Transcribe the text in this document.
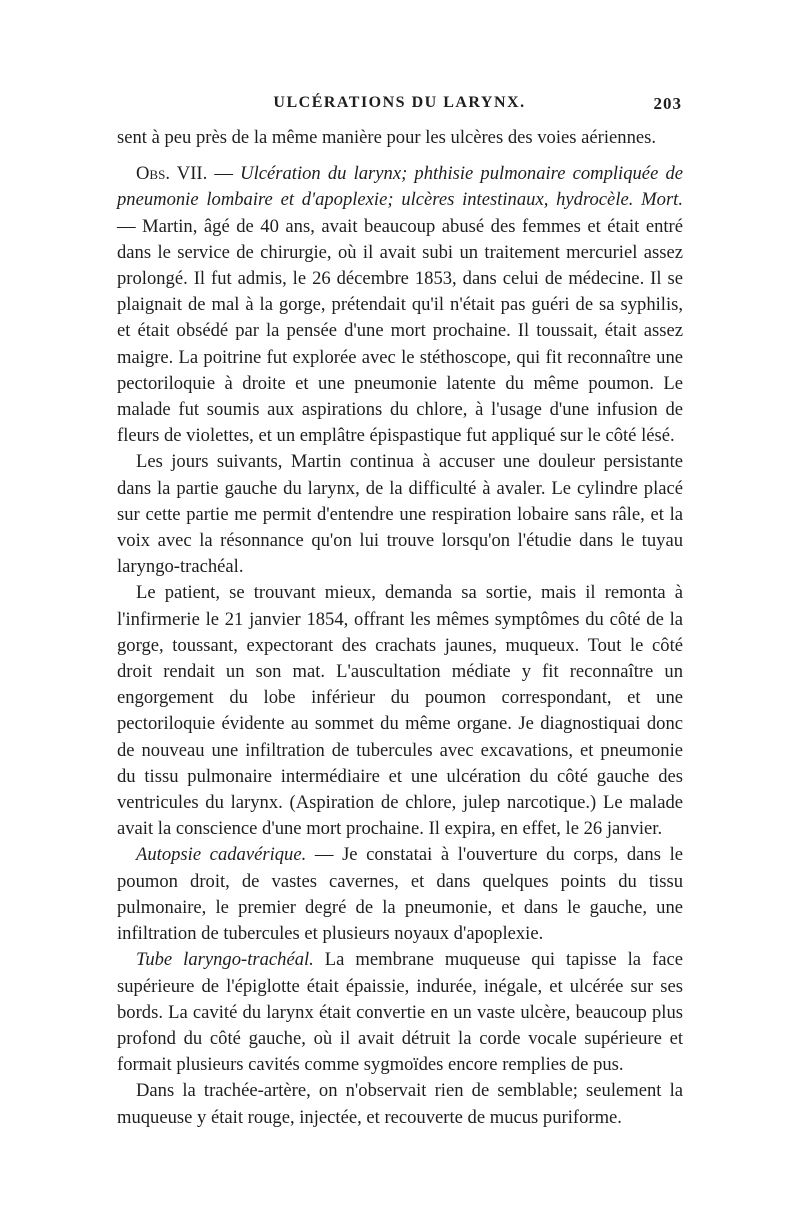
ULCÉRATIONS DU LARYNX.	203

sent à peu près de la même manière pour les ulcères des voies aériennes.

Obs. VII. — Ulcération du larynx; phthisie pulmonaire compliquée de pneumonie lombaire et d'apoplexie; ulcères intestinaux, hydrocèle. Mort. — Martin, âgé de 40 ans, avait beaucoup abusé des femmes et était entré dans le service de chirurgie, où il avait subi un traitement mercuriel assez prolongé. Il fut admis, le 26 décembre 1853, dans celui de médecine. Il se plaignait de mal à la gorge, prétendait qu'il n'était pas guéri de sa syphilis, et était obsédé par la pensée d'une mort prochaine. Il toussait, était assez maigre. La poitrine fut explorée avec le stéthoscope, qui fit reconnaître une pectoriloquie à droite et une pneumonie latente du même poumon. Le malade fut soumis aux aspirations du chlore, à l'usage d'une infusion de fleurs de violettes, et un emplâtre épispastique fut appliqué sur le côté lésé.

Les jours suivants, Martin continua à accuser une douleur persistante dans la partie gauche du larynx, de la difficulté à avaler. Le cylindre placé sur cette partie me permit d'entendre une respiration lobaire sans râle, et la voix avec la résonnance qu'on lui trouve lorsqu'on l'étudie dans le tuyau laryngo-trachéal.

Le patient, se trouvant mieux, demanda sa sortie, mais il remonta à l'infirmerie le 21 janvier 1854, offrant les mêmes symptômes du côté de la gorge, toussant, expectorant des crachats jaunes, muqueux. Tout le côté droit rendait un son mat. L'auscultation médiate y fit reconnaître un engorgement du lobe inférieur du poumon correspondant, et une pectoriloquie évidente au sommet du même organe. Je diagnostiquai donc de nouveau une infiltration de tubercules avec excavations, et pneumonie du tissu pulmonaire intermédiaire et une ulcération du côté gauche des ventricules du larynx. (Aspiration de chlore, julep narcotique.) Le malade avait la conscience d'une mort prochaine. Il expira, en effet, le 26 janvier.

Autopsie cadavérique. — Je constatai à l'ouverture du corps, dans le poumon droit, de vastes cavernes, et dans quelques points du tissu pulmonaire, le premier degré de la pneumonie, et dans le gauche, une infiltration de tubercules et plusieurs noyaux d'apoplexie.

Tube laryngo-trachéal. La membrane muqueuse qui tapisse la face supérieure de l'épiglotte était épaissie, indurée, inégale, et ulcérée sur ses bords. La cavité du larynx était convertie en un vaste ulcère, beaucoup plus profond du côté gauche, où il avait détruit la corde vocale supérieure et formait plusieurs cavités comme sygmoïdes encore remplies de pus.

Dans la trachée-artère, on n'observait rien de semblable; seulement la muqueuse y était rouge, injectée, et recouverte de mucus puriforme.
